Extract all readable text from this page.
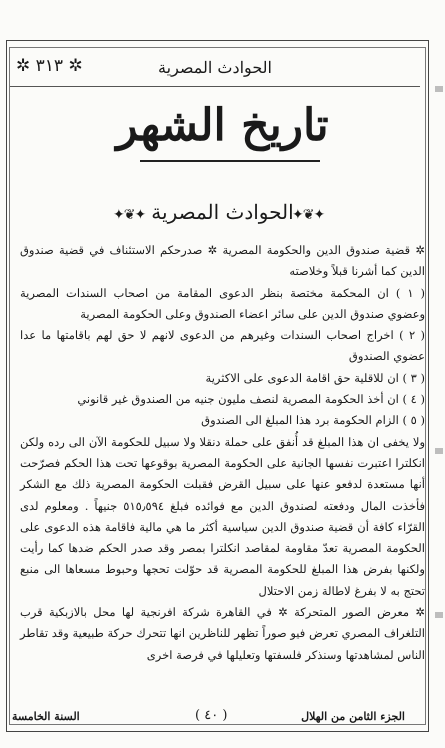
✲ ٣١٣ ✲	الحوادث المصرية
تاريخ الشهر
✦❦✦ الحوادث المصرية
✦❦✦

✲ قضية صندوق الدين والحكومة المصرية ✲ صدرحكم الاستئناف في قضية صندوق الدين كما أشرنا قبلاً وخلاصته

( ١ ) ان المحكمة مختصة بنظر الدعوى المقامة من اصحاب السندات المصرية وعضوي صندوق الدين على سائر اعضاء الصندوق وعلى الحكومة المصرية

( ٢ ) اخراج اصحاب السندات وغيرهم من الدعوى لانهم لا حق لهم باقامتها ما عدا عضوي الصندوق

( ٣ ) ان للاقلية حق اقامة الدعوى على الاكثرية

( ٤ ) ان أخذ الحكومة المصرية لنصف مليون جنيه من الصندوق غير قانوني

( ٥ ) الزام الحكومة برد هذا المبلغ الى الصندوق

ولا يخفى ان هذا المبلغ قد أُنفق على حملة دنقلا ولا سبيل للحكومة الآن الى رده ولكن انكلترا اعتبرت نفسها الجانية على الحكومة المصرية بوقوعها تحت هذا الحكم فصرّحت أنها مستعدة لدفعو عنها على سبيل القرض فقبلت الحكومة المصرية ذلك مع الشكر فأخذت المال ودفعته لصندوق الدين مع فوائده فبلغ ٥١٥٫٥٩٤ جنيهاً . ومعلوم لدى القرّاء كافة أن قضية صندوق الدين سياسية أكثر ما هي مالية فاقامة هذه الدعوى على الحكومة المصرية تعدّ مقاومة لمقاصد انكلترا بمصر وقد صدر الحكم ضدها كما رأيت ولكنها بفرض هذا المبلغ للحكومة المصرية قد حوّلت تحجها وحبوط مسعاها الى منبع تحتج به لا بفرغ لاطالة زمن الاحتلال

✲ معرض الصور المتحركة ✲ في القاهرة شركة افرنجية لها محل بالازبكية قرب التلغراف المصري تعرض فيو صوراً تظهر للناظرين انها تتحرك حركة طبيعية وقد تقاطر الناس لمشاهدتها وسنذكر فلسفتها وتعليلها في فرصة اخرى

الجزء الثامن من الهلال
( ٤٠ )
السنة الخامسة
